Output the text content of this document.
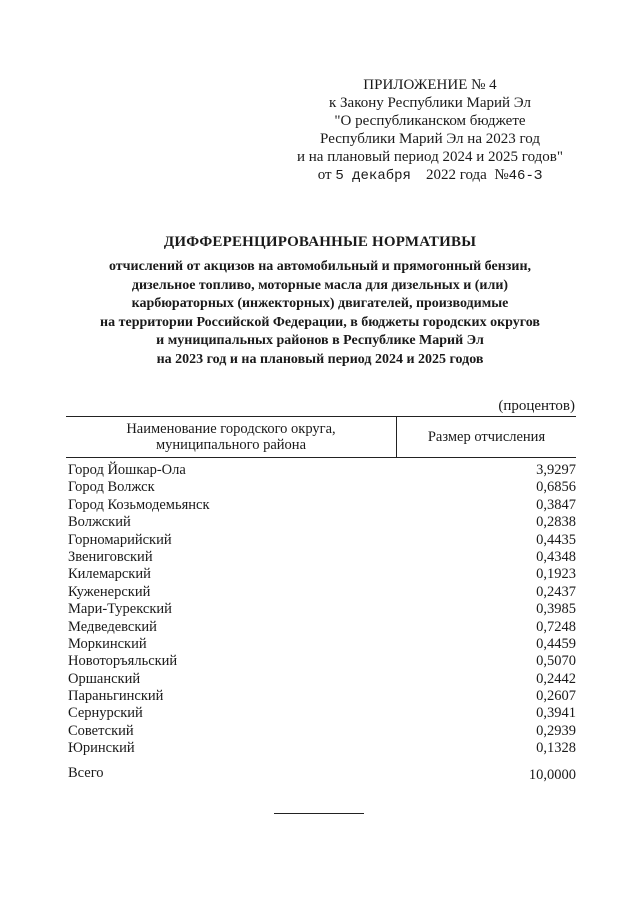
ПРИЛОЖЕНИЕ № 4
к Закону Республики Марий Эл
"О республиканском бюджете
Республики Марий Эл на 2023 год
и на плановый период 2024 и 2025 годов"
от 5 декабря 2022 года №46-З
ДИФФЕРЕНЦИРОВАННЫЕ НОРМАТИВЫ
отчислений от акцизов на автомобильный и прямогонный бензин,
дизельное топливо, моторные масла для дизельных и (или)
карбюраторных (инжекторных) двигателей, производимые
на территории Российской Федерации, в бюджеты городских округов
и муниципальных районов в Республике Марий Эл
на 2023 год и на плановый период 2024 и 2025 годов
(процентов)
Наименование городского округа,
муниципального района	Размер отчисления
Город Йошкар-Ола	3,9297
Город Волжск	0,6856
Город Козьмодемьянск	0,3847
Волжский	0,2838
Горномарийский	0,4435
Звениговский	0,4348
Килемарский	0,1923
Куженерский	0,2437
Мари-Турекский	0,3985
Медведевский	0,7248
Моркинский	0,4459
Новоторъяльский	0,5070
Оршанский	0,2442
Параньгинский	0,2607
Сернурский	0,3941
Советский	0,2939
Юринский	0,1328
Всего	10,0000
